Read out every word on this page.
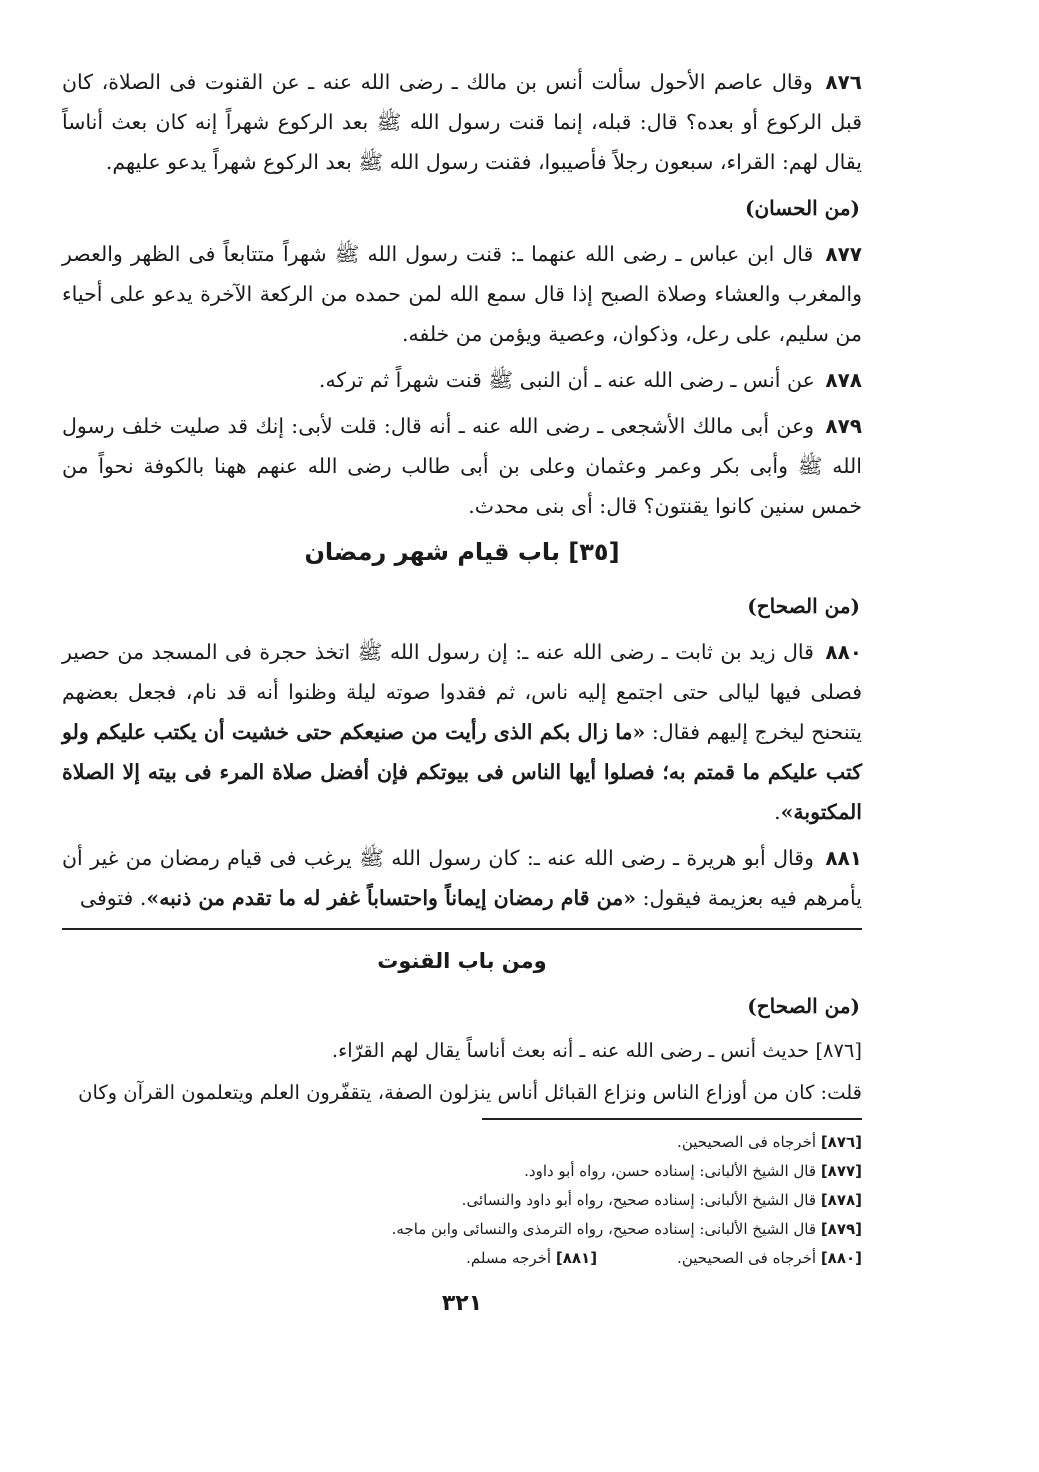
٨٧٦ وقال عاصم الأحول سألت أنس بن مالك ـ رضى الله عنه ـ عن القنوت فى الصلاة، كان قبل الركوع أو بعده؟ قال: قبله، إنما قنت رسول الله ﷺ بعد الركوع شهراً إنه كان بعث أناساً يقال لهم: القراء، سبعون رجلاً فأصيبوا، فقنت رسول الله ﷺ بعد الركوع شهراً يدعو عليهم.

(من الحسان)

٨٧٧ قال ابن عباس ـ رضى الله عنهما ـ: قنت رسول الله ﷺ شهراً متتابعاً فى الظهر والعصر والمغرب والعشاء وصلاة الصبح إذا قال سمع الله لمن حمده من الركعة الآخرة يدعو على أحياء من سليم، على رعل، وذكوان، وعصية ويؤمن من خلفه.

٨٧٨ عن أنس ـ رضى الله عنه ـ أن النبى ﷺ قنت شهراً ثم تركه.

٨٧٩ وعن أبى مالك الأشجعى ـ رضى الله عنه ـ أنه قال: قلت لأبى: إنك قد صليت خلف رسول الله ﷺ وأبى بكر وعمر وعثمان وعلى بن أبى طالب رضى الله عنهم ههنا بالكوفة نحواً من خمس سنين كانوا يقنتون؟ قال: أى بنى محدث.

[٣٥] باب قيام شهر رمضان
(من الصحاح)

٨٨٠ قال زيد بن ثابت ـ رضى الله عنه ـ: إن رسول الله ﷺ اتخذ حجرة فى المسجد من حصير فصلى فيها ليالى حتى اجتمع إليه ناس، ثم فقدوا صوته ليلة وظنوا أنه قد نام، فجعل بعضهم يتنحنح ليخرج إليهم فقال: «ما زال بكم الذى رأيت من صنيعكم حتى خشيت أن يكتب عليكم ولو كتب عليكم ما قمتم به؛ فصلوا أيها الناس فى بيوتكم فإن أفضل صلاة المرء فى بيته إلا الصلاة المكتوبة».

٨٨١ وقال أبو هريرة ـ رضى الله عنه ـ: كان رسول الله ﷺ يرغب فى قيام رمضان من غير أن يأمرهم فيه بعزيمة فيقول: «من قام رمضان إيماناً واحتساباً غفر له ما تقدم من ذنبه». فتوفى

ومن باب القنوت
(من الصحاح)

[٨٧٦] حديث أنس ـ رضى الله عنه ـ أنه بعث أناساً يقال لهم القرّاء.

قلت: كان من أوزاع الناس ونزاع القبائل أناس ينزلون الصفة، يتقفّرون العلم ويتعلمون القرآن وكان

[٨٧٦] أخرجاه فى الصحيحين.
[٨٧٧] قال الشيخ الألبانى: إسناده حسن، رواه أبو داود.
[٨٧٨] قال الشيخ الألبانى: إسناده صحيح، رواه أبو داود والنسائى.
[٨٧٩] قال الشيخ الألبانى: إسناده صحيح، رواه الترمذى والنسائى وابن ماجه.
[٨٨٠] أخرجاه فى الصحيحين.
[٨٨١] أخرجه مسلم.
٣٢١
